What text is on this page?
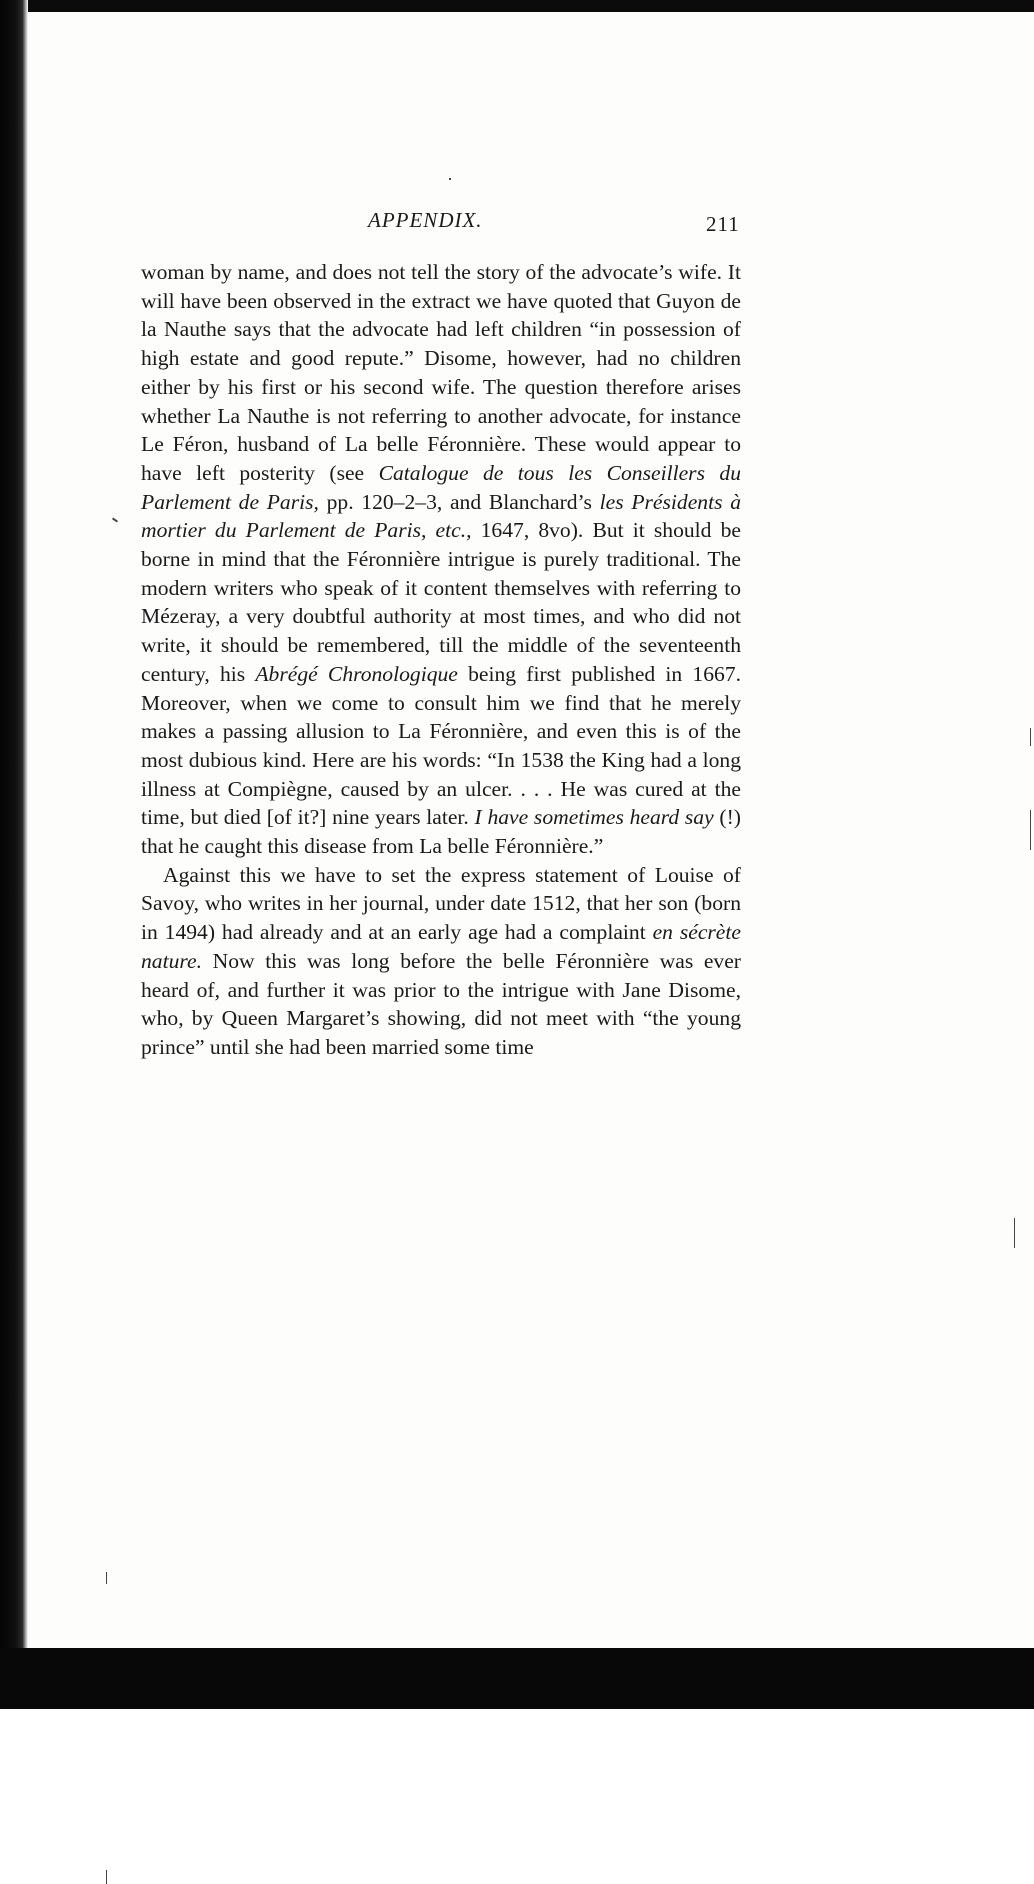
APPENDIX.	211

woman by name, and does not tell the story of the advocate’s wife. It will have been observed in the extract we have quoted that Guyon de la Nauthe says that the advocate had left children “in possession of high estate and good repute.” Disome, however, had no children either by his first or his second wife. The question therefore arises whether La Nauthe is not referring to another advocate, for instance Le Féron, husband of La belle Féronnière. These would appear to have left posterity (see Catalogue de tous les Conseillers du Parlement de Paris, pp. 120–2–3, and Blanchard’s les Présidents à mortier du Parlement de Paris, etc., 1647, 8vo). But it should be borne in mind that the Féronnière intrigue is purely traditional. The modern writers who speak of it content themselves with referring to Mézeray, a very doubtful authority at most times, and who did not write, it should be remembered, till the middle of the seventeenth century, his Abrégé Chronologique being first published in 1667. Moreover, when we come to consult him we find that he merely makes a passing allusion to La Féronnière, and even this is of the most dubious kind. Here are his words: “In 1538 the King had a long illness at Compiègne, caused by an ulcer. . . . He was cured at the time, but died [of it?] nine years later. I have sometimes heard say (!) that he caught this disease from La belle Féronnière.”

Against this we have to set the express statement of Louise of Savoy, who writes in her journal, under date 1512, that her son (born in 1494) had already and at an early age had a complaint en sécrète nature. Now this was long before the belle Féronnière was ever heard of, and further it was prior to the intrigue with Jane Disome, who, by Queen Margaret’s showing, did not meet with “the young prince” until she had been married some time
